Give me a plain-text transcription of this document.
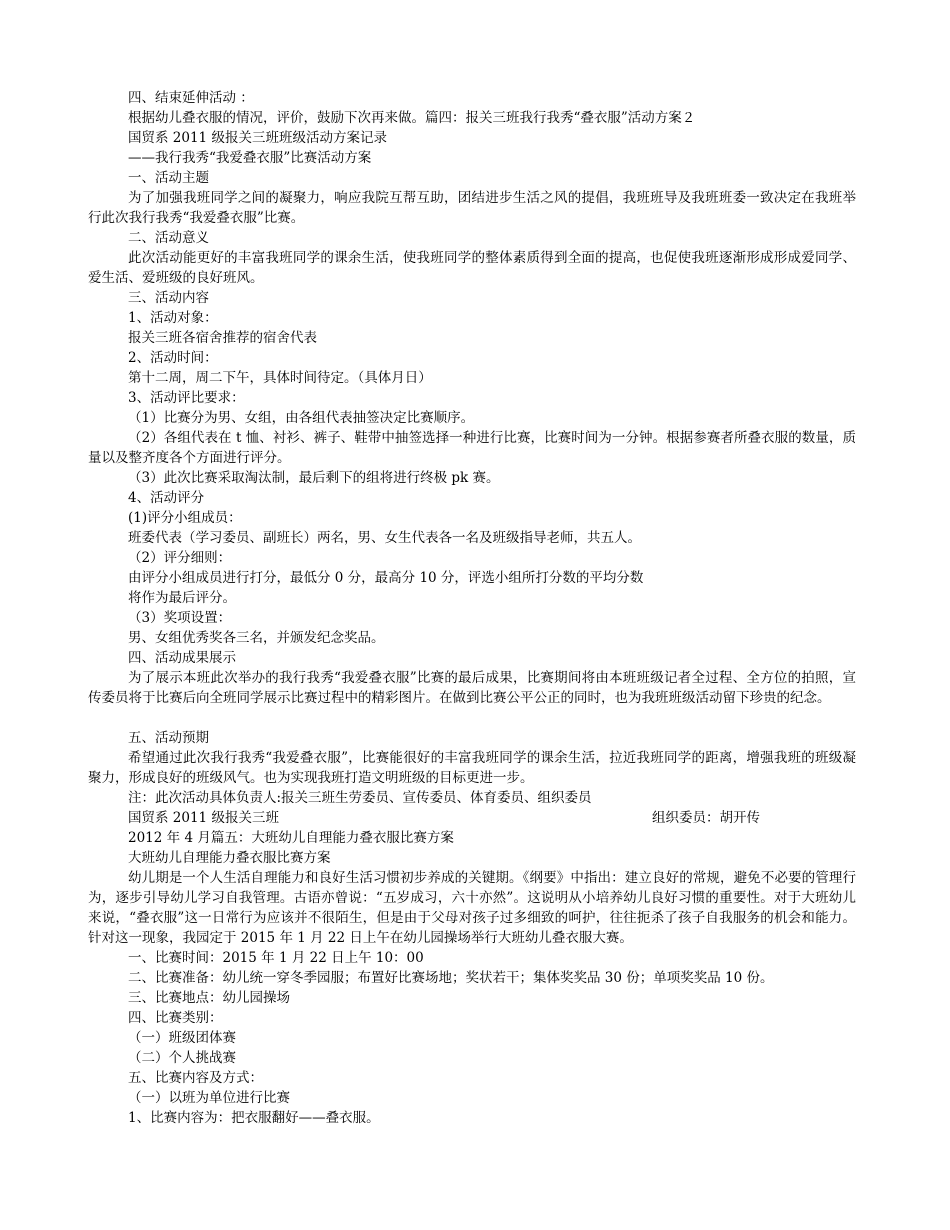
四、结束延伸活动 ：
根据幼儿叠衣服的情况，评价，鼓励下次再来做。篇四：报关三班我行我秀“叠衣服”活动方案２
国贸系 2011 级报关三班班级活动方案记录
——我行我秀“我爱叠衣服”比赛活动方案
一、活动主题
为了加强我班同学之间的凝聚力，响应我院互帮互助，团结进步生活之风的提倡，我班班导及我班班委一致决定在我班举行此次我行我秀“我爱叠衣服”比赛。
二、活动意义
此次活动能更好的丰富我班同学的课余生活，使我班同学的整体素质得到全面的提高，也促使我班逐渐形成形成爱同学、爱生活、爱班级的良好班风。
三、活动内容
1、活动对象：
报关三班各宿舍推荐的宿舍代表
2、活动时间：
第十二周，周二下午，具体时间待定。（具体月日）
3、活动评比要求：
（1）比赛分为男、女组，由各组代表抽签决定比赛顺序。
（2）各组代表在 t 恤、衬衫、裤子、鞋带中抽签选择一种进行比赛，比赛时间为一分钟。根据参赛者所叠衣服的数量，质量以及整齐度各个方面进行评分。
（3）此次比赛采取淘汰制，最后剩下的组将进行终极 pk 赛。
4、活动评分
(1)评分小组成员：
班委代表（学习委员、副班长）两名，男、女生代表各一名及班级指导老师，共五人。
（2）评分细则：
由评分小组成员进行打分，最低分 0 分，最高分 10 分，评选小组所打分数的平均分数
将作为最后评分。
（3）奖项设置：
男、女组优秀奖各三名，并颁发纪念奖品。
四、活动成果展示
为了展示本班此次举办的我行我秀“我爱叠衣服”比赛的最后成果，比赛期间将由本班班级记者全过程、全方位的拍照，宣传委员将于比赛后向全班同学展示比赛过程中的精彩图片。在做到比赛公平公正的同时，也为我班班级活动留下珍贵的纪念。
五、活动预期
希望通过此次我行我秀“我爱叠衣服”，比赛能很好的丰富我班同学的课余生活，拉近我班同学的距离，增强我班的班级凝聚力，形成良好的班级风气。也为实现我班打造文明班级的目标更进一步。
注：此次活动具体负责人:报关三班生劳委员、宣传委员、体育委员、组织委员
国贸系 2011 级报关三班	组织委员：胡开传
2012 年 4 月篇五：大班幼儿自理能力叠衣服比赛方案
大班幼儿自理能力叠衣服比赛方案
幼儿期是一个人生活自理能力和良好生活习惯初步养成的关键期。《纲要》中指出：建立良好的常规，避免不必要的管理行为，逐步引导幼儿学习自我管理。古语亦曾说：“五岁成习，六十亦然”。这说明从小培养幼儿良好习惯的重要性。对于大班幼儿来说，“叠衣服”这一日常行为应该并不很陌生，但是由于父母对孩子过多细致的呵护，往往扼杀了孩子自我服务的机会和能力。针对这一现象，我园定于 2015 年 1 月 22 日上午在幼儿园操场举行大班幼儿叠衣服大赛。
一、比赛时间：2015 年 1 月 22 日上午 10：00
二、比赛准备：幼儿统一穿冬季园服；布置好比赛场地；奖状若干；集体奖奖品 30 份；单项奖奖品 10 份。
三、比赛地点：幼儿园操场
四、比赛类别：
（一）班级团体赛
（二）个人挑战赛
五、比赛内容及方式：
（一）以班为单位进行比赛
1、比赛内容为：把衣服翻好——叠衣服。
